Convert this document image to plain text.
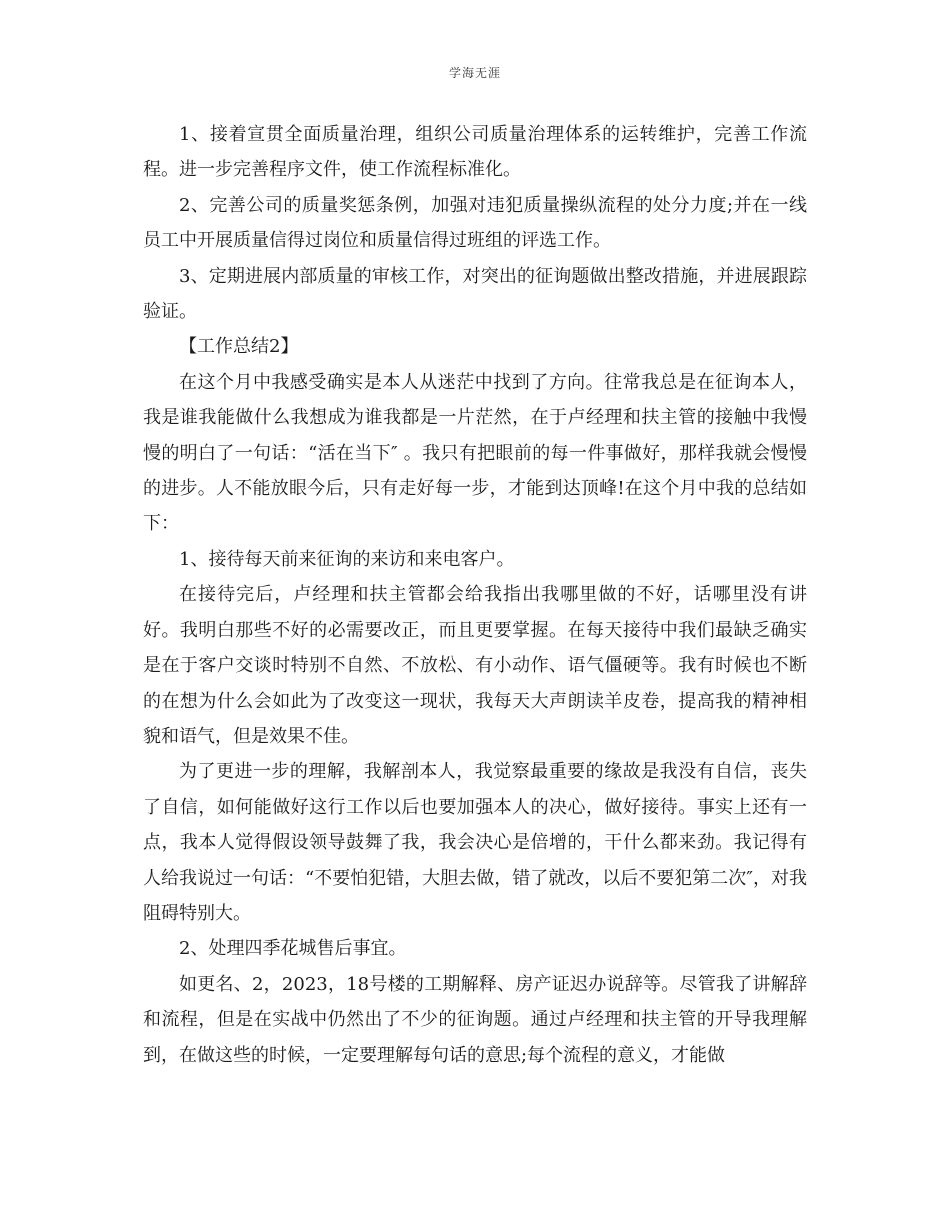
学海无涯

1、接着宣贯全面质量治理，组织公司质量治理体系的运转维护，完善工作流程。进一步完善程序文件，使工作流程标准化。

2、完善公司的质量奖惩条例，加强对违犯质量操纵流程的处分力度;并在一线员工中开展质量信得过岗位和质量信得过班组的评选工作。

3、定期进展内部质量的审核工作，对突出的征询题做出整改措施，并进展跟踪验证。

【工作总结2】

在这个月中我感受确实是本人从迷茫中找到了方向。往常我总是在征询本人，我是谁我能做什么我想成为谁我都是一片茫然，在于卢经理和扶主管的接触中我慢慢的明白了一句话：“活在当下″ 。我只有把眼前的每一件事做好，那样我就会慢慢的进步。人不能放眼今后，只有走好每一步，才能到达顶峰!在这个月中我的总结如下：

1、接待每天前来征询的来访和来电客户。

在接待完后，卢经理和扶主管都会给我指出我哪里做的不好，话哪里没有讲好。我明白那些不好的必需要改正，而且更要掌握。在每天接待中我们最缺乏确实是在于客户交谈时特别不自然、不放松、有小动作、语气僵硬等。我有时候也不断的在想为什么会如此为了改变这一现状，我每天大声朗读羊皮卷，提高我的精神相貌和语气，但是效果不佳。

为了更进一步的理解，我解剖本人，我觉察最重要的缘故是我没有自信，丧失了自信，如何能做好这行工作以后也要加强本人的决心，做好接待。事实上还有一点，我本人觉得假设领导鼓舞了我，我会决心是倍增的，干什么都来劲。我记得有人给我说过一句话：“不要怕犯错，大胆去做，错了就改，以后不要犯第二次″，对我阻碍特别大。

2、处理四季花城售后事宜。

如更名、2，2023，18号楼的工期解释、房产证迟办说辞等。尽管我了讲解辞和流程，但是在实战中仍然出了不少的征询题。通过卢经理和扶主管的开导我理解到，在做这些的时候，一定要理解每句话的意思;每个流程的意义，才能做
